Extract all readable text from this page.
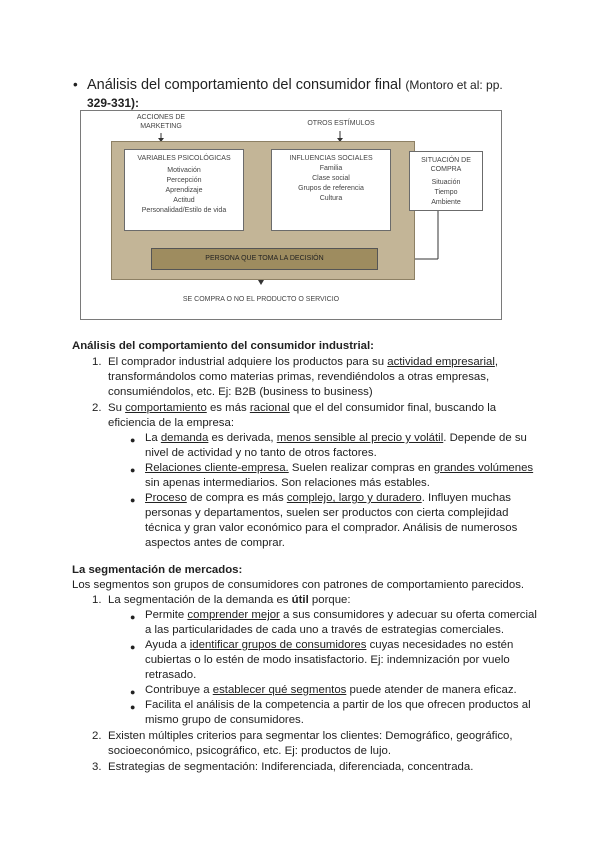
• Análisis del comportamiento del consumidor final (Montoro et al: pp.
329-331):
ACCIONES DE MARKETING	OTROS ESTÍMULOS
VARIABLES PSICOLÓGICAS
Motivación
Percepción
Aprendizaje
Actitud
Personalidad/Estilo de vida
INFLUENCIAS SOCIALES
Familia
Clase social
Grupos de referencia
Cultura
SITUACIÓN DE COMPRA
Situación
Tiempo
Ambiente
PERSONA QUE TOMA LA DECISIÓN
SE COMPRA O NO EL PRODUCTO O SERVICIO
Análisis del comportamiento del consumidor industrial:
1. El comprador industrial adquiere los productos para su actividad empresarial,
transformándolos como materias primas, revendiéndolos a otras empresas,
consumiéndolos, etc. Ej: B2B (business to business)
2. Su comportamiento es más racional que el del consumidor final, buscando la
eficiencia de la empresa:
● La demanda es derivada, menos sensible al precio y volátil. Depende de su
nivel de actividad y no tanto de otros factores.
● Relaciones cliente-empresa. Suelen realizar compras en grandes volúmenes
sin apenas intermediarios. Son relaciones más estables.
● Proceso de compra es más complejo, largo y duradero. Influyen muchas
personas y departamentos, suelen ser productos con cierta complejidad
técnica y gran valor económico para el comprador. Análisis de numerosos
aspectos antes de comprar.
La segmentación de mercados:
Los segmentos son grupos de consumidores con patrones de comportamiento parecidos.
1. La segmentación de la demanda es útil porque:
● Permite comprender mejor a sus consumidores y adecuar su oferta comercial
a las particularidades de cada uno a través de estrategias comerciales.
● Ayuda a identificar grupos de consumidores cuyas necesidades no estén
cubiertas o lo estén de modo insatisfactorio. Ej: indemnización por vuelo
retrasado.
● Contribuye a establecer qué segmentos puede atender de manera eficaz.
● Facilita el análisis de la competencia a partir de los que ofrecen productos al
mismo grupo de consumidores.
2. Existen múltiples criterios para segmentar los clientes: Demográfico, geográfico,
socioeconómico, psicográfico, etc. Ej: productos de lujo.
3. Estrategias de segmentación: Indiferenciada, diferenciada, concentrada.
